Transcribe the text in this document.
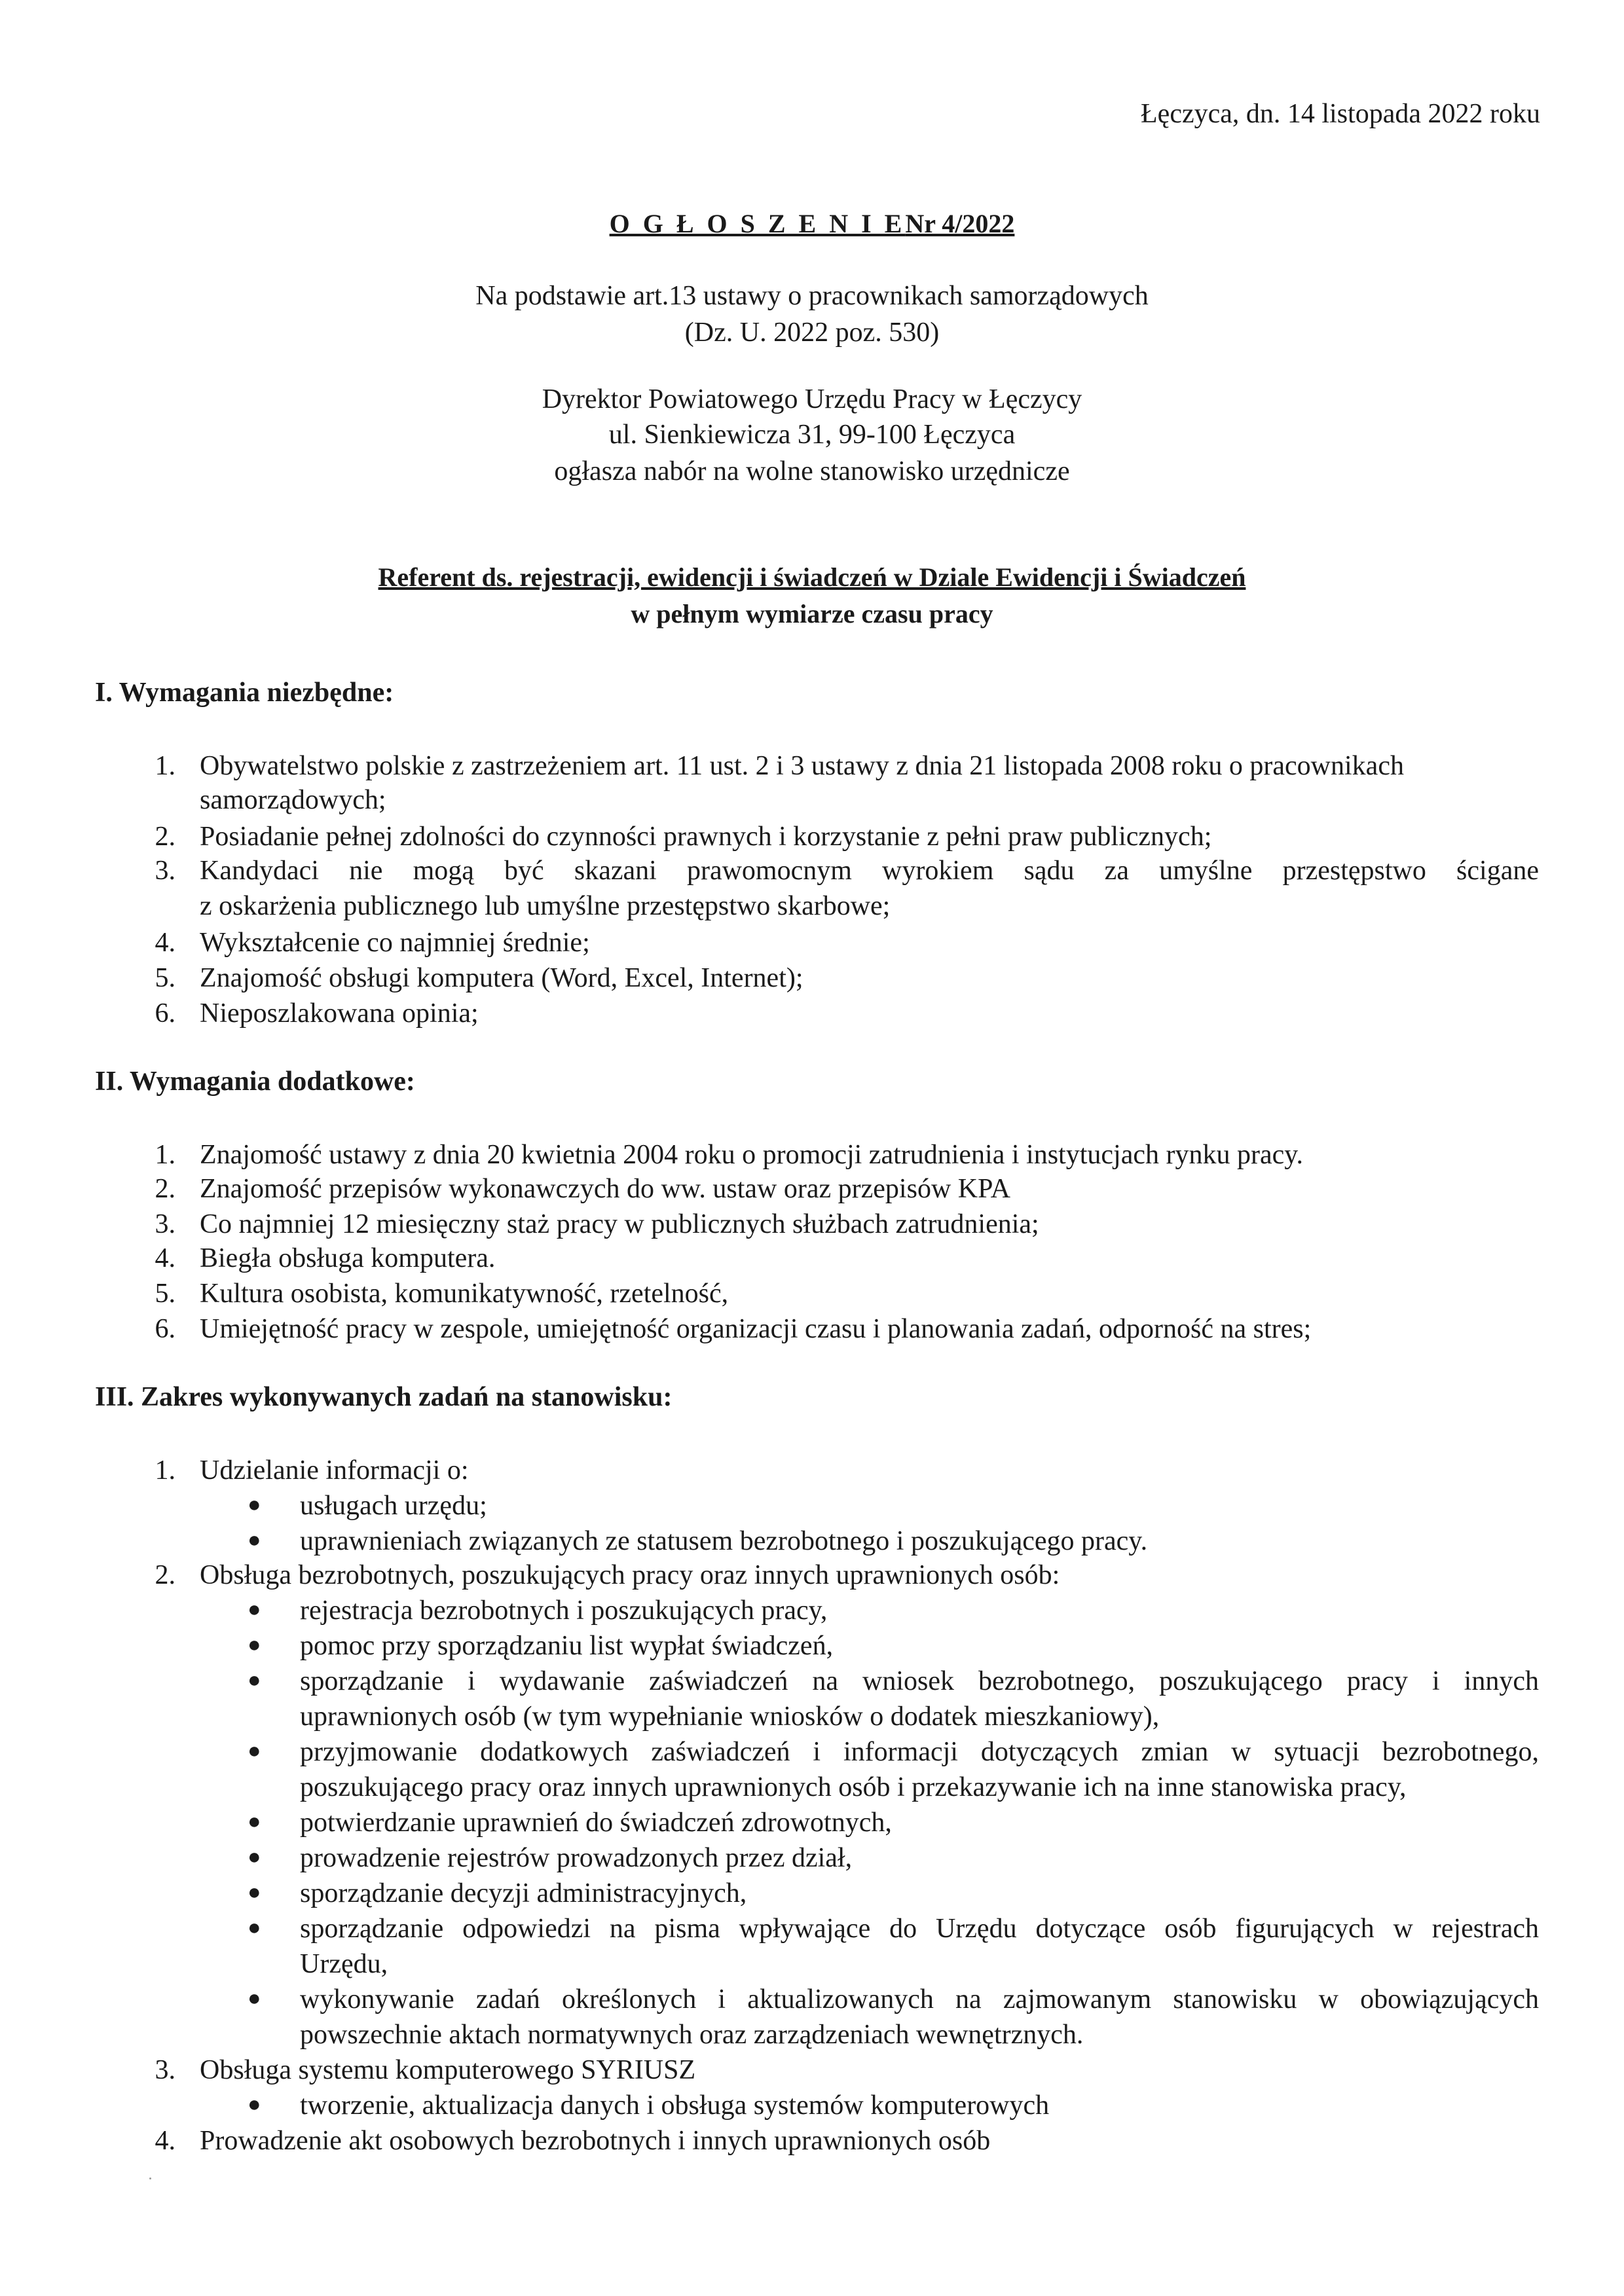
Łęczyca, dn. 14 listopada 2022 roku
O G Ł O S Z E N I ENr 4/2022
Na podstawie art.13 ustawy o pracownikach samorządowych
(Dz. U. 2022 poz. 530)
Dyrektor Powiatowego Urzędu Pracy w Łęczycy
ul. Sienkiewicza 31, 99-100 Łęczyca
ogłasza nabór na wolne stanowisko urzędnicze
Referent ds. rejestracji, ewidencji i świadczeń w Dziale Ewidencji i Świadczeń
w pełnym wymiarze czasu pracy
I. Wymagania niezbędne:
1. Obywatelstwo polskie z zastrzeżeniem art. 11 ust. 2 i 3 ustawy z dnia 21 listopada 2008 roku o pracownikach
samorządowych;
2. Posiadanie pełnej zdolności do czynności prawnych i korzystanie z pełni praw publicznych;
3. Kandydaci nie mogą być skazani prawomocnym wyrokiem sądu za umyślne przestępstwo ścigane
z oskarżenia publicznego lub umyślne przestępstwo skarbowe;
4. Wykształcenie co najmniej średnie;
5. Znajomość obsługi komputera (Word, Excel, Internet);
6. Nieposzlakowana opinia;
II. Wymagania dodatkowe:
1. Znajomość ustawy z dnia 20 kwietnia 2004 roku o promocji zatrudnienia i instytucjach rynku pracy.
2. Znajomość przepisów wykonawczych do ww. ustaw oraz przepisów KPA
3. Co najmniej 12 miesięczny staż pracy w publicznych służbach zatrudnienia;
4. Biegła obsługa komputera.
5. Kultura osobista, komunikatywność, rzetelność,
6. Umiejętność pracy w zespole, umiejętność organizacji czasu i planowania zadań, odporność na stres;
III. Zakres wykonywanych zadań na stanowisku:
1. Udzielanie informacji o:
● usługach urzędu;
● uprawnieniach związanych ze statusem bezrobotnego i poszukującego pracy.
2. Obsługa bezrobotnych, poszukujących pracy oraz innych uprawnionych osób:
● rejestracja bezrobotnych i poszukujących pracy,
● pomoc przy sporządzaniu list wypłat świadczeń,
● sporządzanie i wydawanie zaświadczeń na wniosek bezrobotnego, poszukującego pracy i innych
uprawnionych osób (w tym wypełnianie wniosków o dodatek mieszkaniowy),
● przyjmowanie dodatkowych zaświadczeń i informacji dotyczących zmian w sytuacji bezrobotnego,
poszukującego pracy oraz innych uprawnionych osób i przekazywanie ich na inne stanowiska pracy,
● potwierdzanie uprawnień do świadczeń zdrowotnych,
● prowadzenie rejestrów prowadzonych przez dział,
● sporządzanie decyzji administracyjnych,
● sporządzanie odpowiedzi na pisma wpływające do Urzędu dotyczące osób figurujących w rejestrach
Urzędu,
● wykonywanie zadań określonych i aktualizowanych na zajmowanym stanowisku w obowiązujących
powszechnie aktach normatywnych oraz zarządzeniach wewnętrznych.
3. Obsługa systemu komputerowego SYRIUSZ
● tworzenie, aktualizacja danych i obsługa systemów komputerowych
4. Prowadzenie akt osobowych bezrobotnych i innych uprawnionych osób
